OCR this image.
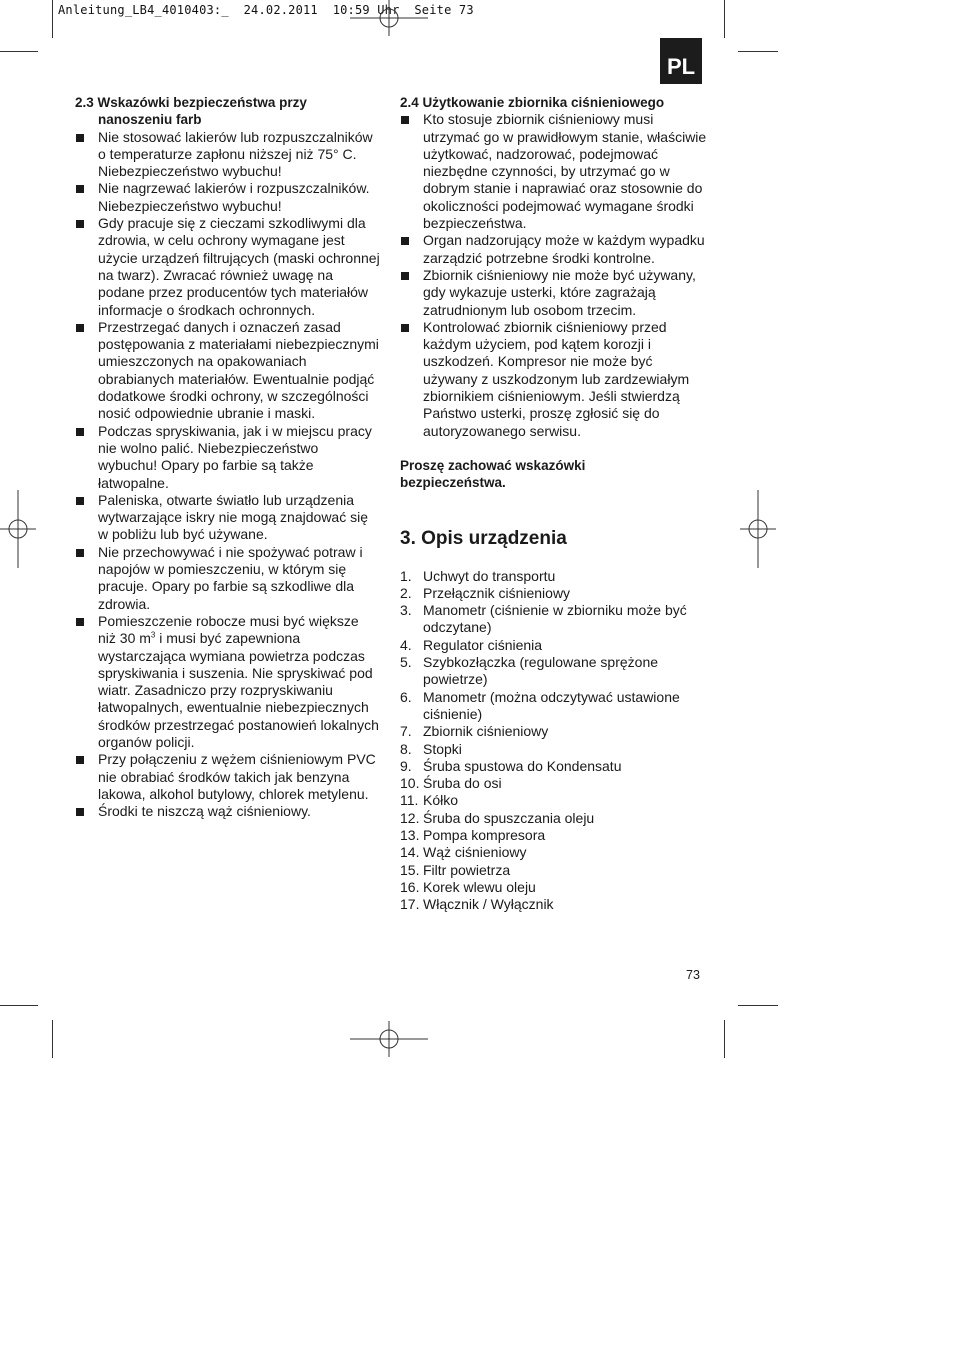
Anleitung_LB4_4010403:_  24.02.2011  10:59 Uhr  Seite 73
PL
2.3 Wskazówki bezpieczeństwa przy
nanoszeniu farb
Nie stosować lakierów lub rozpuszczalników o temperaturze zapłonu niższej niż 75° C. Niebezpieczeństwo wybuchu!
Nie nagrzewać lakierów i rozpuszczalników. Niebezpieczeństwo wybuchu!
Gdy pracuje się z cieczami szkodliwymi dla zdrowia, w celu ochrony wymagane jest użycie urządzeń filtrujących (maski ochronnej na twarz). Zwracać również uwagę na podane przez producentów tych materiałów informacje o środkach ochronnych.
Przestrzegać danych i oznaczeń zasad postępowania z materiałami niebezpiecznymi umieszczonych na opakowaniach obrabianych materiałów. Ewentualnie podjąć dodatkowe środki ochrony, w szczególności nosić odpowiednie ubranie i maski.
Podczas spryskiwania, jak i w miejscu pracy nie wolno palić. Niebezpieczeństwo wybuchu! Opary po farbie są także łatwopalne.
Paleniska, otwarte światło lub urządzenia wytwarzające iskry nie mogą znajdować się w pobliżu lub być używane.
Nie przechowywać i nie spożywać potraw i napojów w pomieszczeniu, w którym się pracuje. Opary po farbie są szkodliwe dla zdrowia.
Pomieszczenie robocze musi być większe niż 30 $m^3$ i musi być zapewniona wystarczająca wymiana powietrza podczas spryskiwania i suszenia. Nie spryskiwać pod wiatr. Zasadniczo przy rozpryskiwaniu łatwopalnych, ewentualnie niebezpiecznych środków przestrzegać postanowień lokalnych organów policji.
Przy połączeniu z wężem ciśnieniowym PVC nie obrabiać środków takich jak benzyna lakowa, alkohol butylowy, chlorek metylenu.
Środki te niszczą wąż ciśnieniowy.
2.4 Użytkowanie zbiornika ciśnieniowego
Kto stosuje zbiornik ciśnieniowy musi utrzymać go w prawidłowym stanie, właściwie użytkować, nadzorować, podejmować niezbędne czynności, by utrzymać go w dobrym stanie i naprawiać oraz stosownie do okoliczności podejmować wymagane środki bezpieczeństwa.
Organ nadzorujący może w każdym wypadku zarządzić potrzebne środki kontrolne.
Zbiornik ciśnieniowy nie może być używany, gdy wykazuje usterki, które zagrażają zatrudnionym lub osobom trzecim.
Kontrolować zbiornik ciśnieniowy przed każdym użyciem, pod kątem korozji i uszkodzeń. Kompresor nie może być używany z uszkodzonym lub zardzewiałym zbiornikiem ciśnieniowym. Jeśli stwierdzą Państwo usterki, proszę zgłosić się do autoryzowanego serwisu.
Proszę zachować wskazówki bezpieczeństwa.
3. Opis urządzenia
1. Uchwyt do transportu
2. Przełącznik ciśnieniowy
3. Manometr (ciśnienie w zbiorniku może być odczytane)
4. Regulator ciśnienia
5. Szybkozłączka (regulowane sprężone powietrze)
6. Manometr (można odczytywać ustawione ciśnienie)
7. Zbiornik ciśnieniowy
8. Stopki
9. Śruba spustowa do Kondensatu
10. Śruba do osi
11. Kółko
12. Śruba do spuszczania oleju
13. Pompa kompresora
14. Wąż ciśnieniowy
15. Filtr powietrza
16. Korek wlewu oleju
17. Włącznik / Wyłącznik
73
